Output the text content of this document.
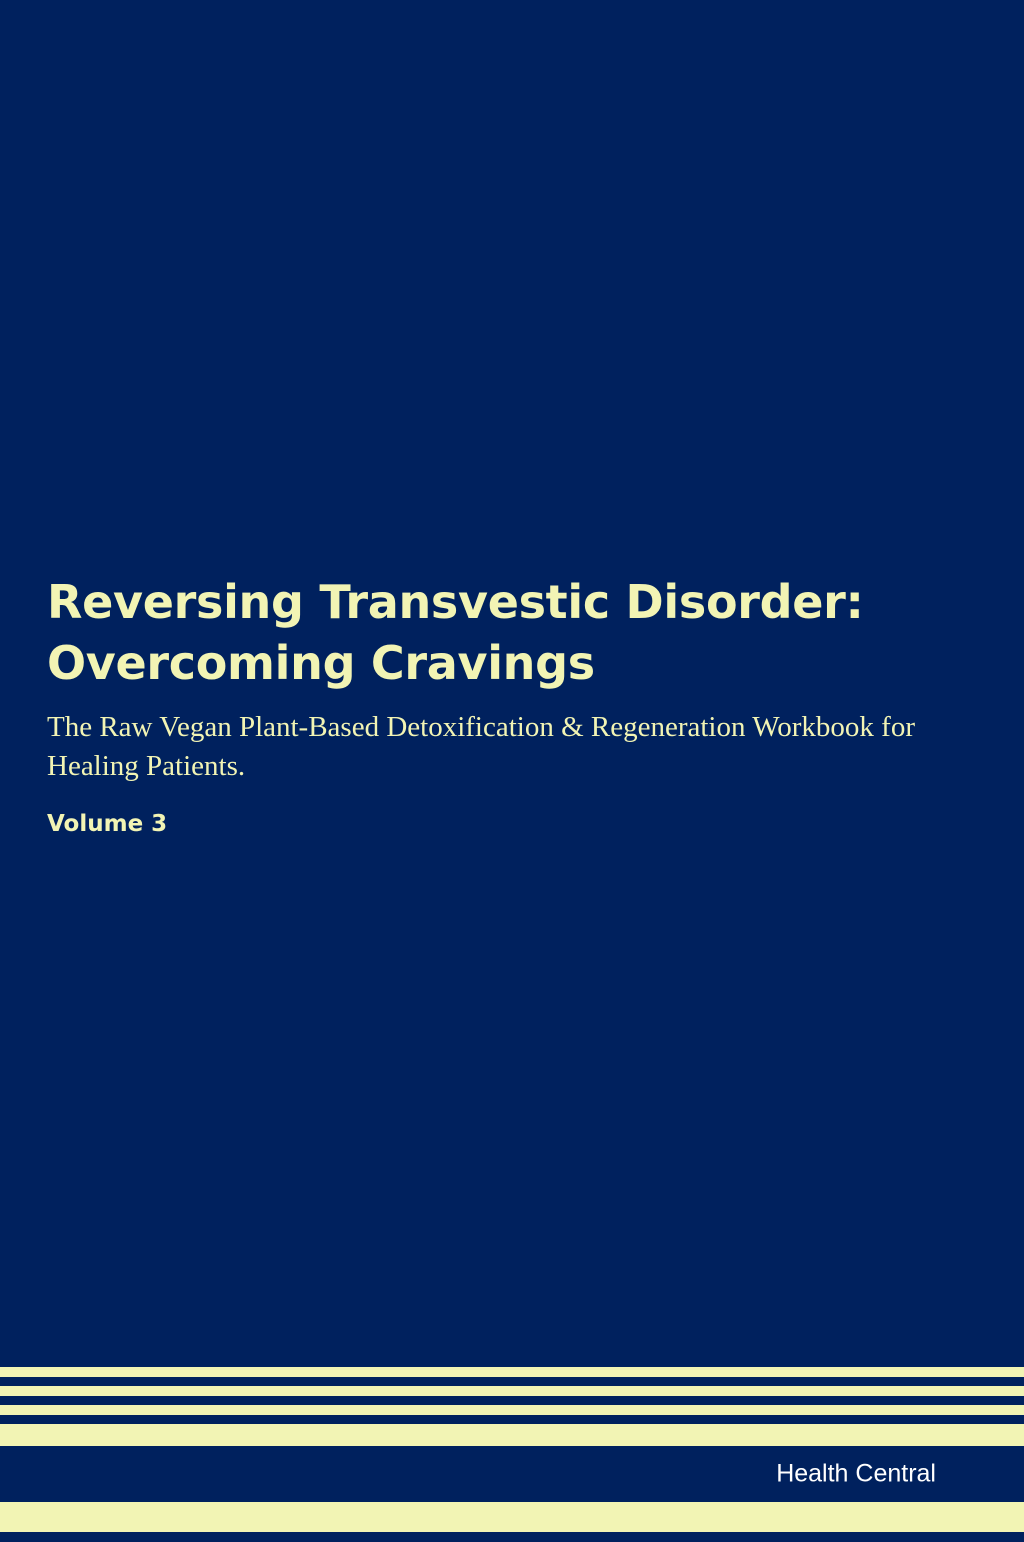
Reversing Transvestic Disorder: Overcoming Cravings

The Raw Vegan Plant-Based Detoxification & Regeneration Workbook for Healing Patients.

Volume 3

Health Central
